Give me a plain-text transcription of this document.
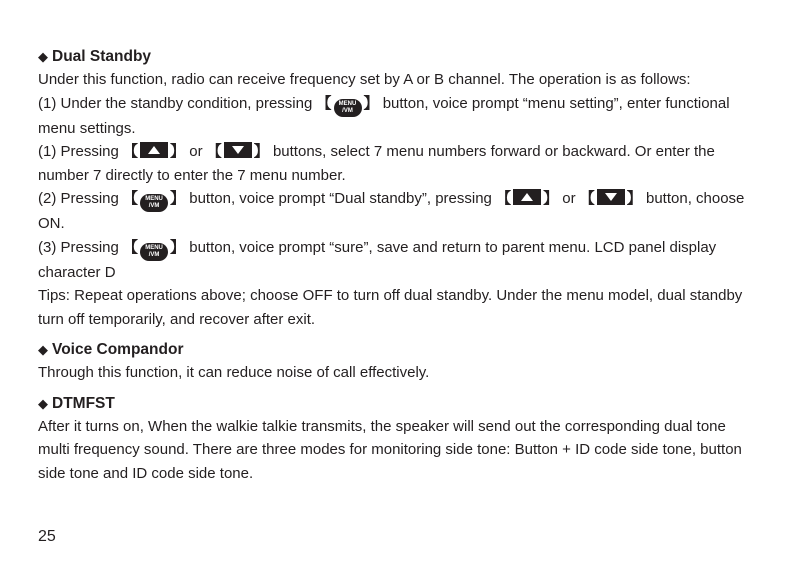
◆ Dual Standby

Under this function, radio can receive frequency set by A or B channel. The operation is as follows:

(1) Under the standby condition, pressing 【	MENU
/VM 】 button, voice prompt “menu setting”, enter functional menu settings.

(1) Pressing 【 】 or 【 】 buttons, select 7 menu numbers forward or backward. Or enter the number 7 directly to enter the 7 menu number.

(2) Pressing 【	MENU
/VM 】 button, voice prompt “Dual standby”, pressing 【 】 or 【 】 button, choose ON.

(3) Pressing 【	MENU
/VM 】 button, voice prompt “sure”, save and return to parent menu. LCD panel display character D

Tips: Repeat operations above; choose OFF to turn off dual standby. Under the menu model, dual standby turn off temporarily, and recover after exit.

◆ Voice Compandor

Through this function, it can reduce noise of call effectively.

◆ DTMFST

After it turns on, When the walkie talkie transmits, the speaker will send out the corresponding dual tone multi frequency sound. There are three modes for monitoring side tone: Button + ID code side tone, button side tone and ID code side tone.

25
